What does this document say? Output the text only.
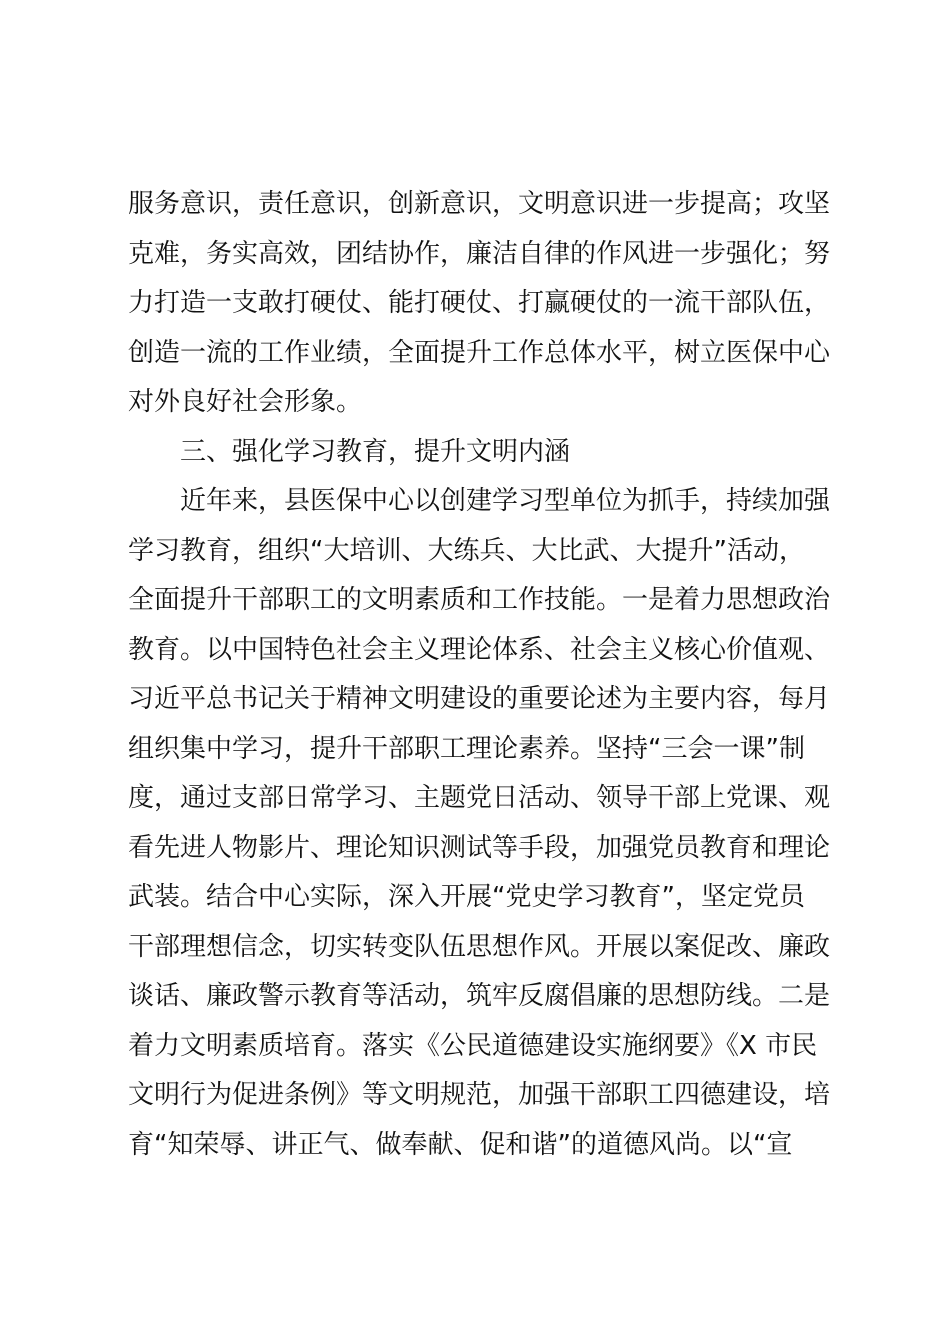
服务意识，责任意识，创新意识，文明意识进一步提高；攻坚
克难，务实高效，团结协作，廉洁自律的作风进一步强化；努
力打造一支敢打硬仗、能打硬仗、打赢硬仗的一流干部队伍，
创造一流的工作业绩，全面提升工作总体水平，树立医保中心
对外良好社会形象。
三、强化学习教育，提升文明内涵
近年来，县医保中心以创建学习型单位为抓手，持续加强
学习教育，组织“大培训、大练兵、大比武、大提升”活动，
全面提升干部职工的文明素质和工作技能。一是着力思想政治
教育。以中国特色社会主义理论体系、社会主义核心价值观、
习近平总书记关于精神文明建设的重要论述为主要内容，每月
组织集中学习，提升干部职工理论素养。坚持“三会一课”制
度，通过支部日常学习、主题党日活动、领导干部上党课、观
看先进人物影片、理论知识测试等手段，加强党员教育和理论
武装。结合中心实际，深入开展“党史学习教育”，坚定党员
干部理想信念，切实转变队伍思想作风。开展以案促改、廉政
谈话、廉政警示教育等活动，筑牢反腐倡廉的思想防线。二是
着力文明素质培育。落实《公民道德建设实施纲要》《X 市民
文明行为促进条例》等文明规范，加强干部职工四德建设，培
育“知荣辱、讲正气、做奉献、促和谐”的道德风尚。以“宣
